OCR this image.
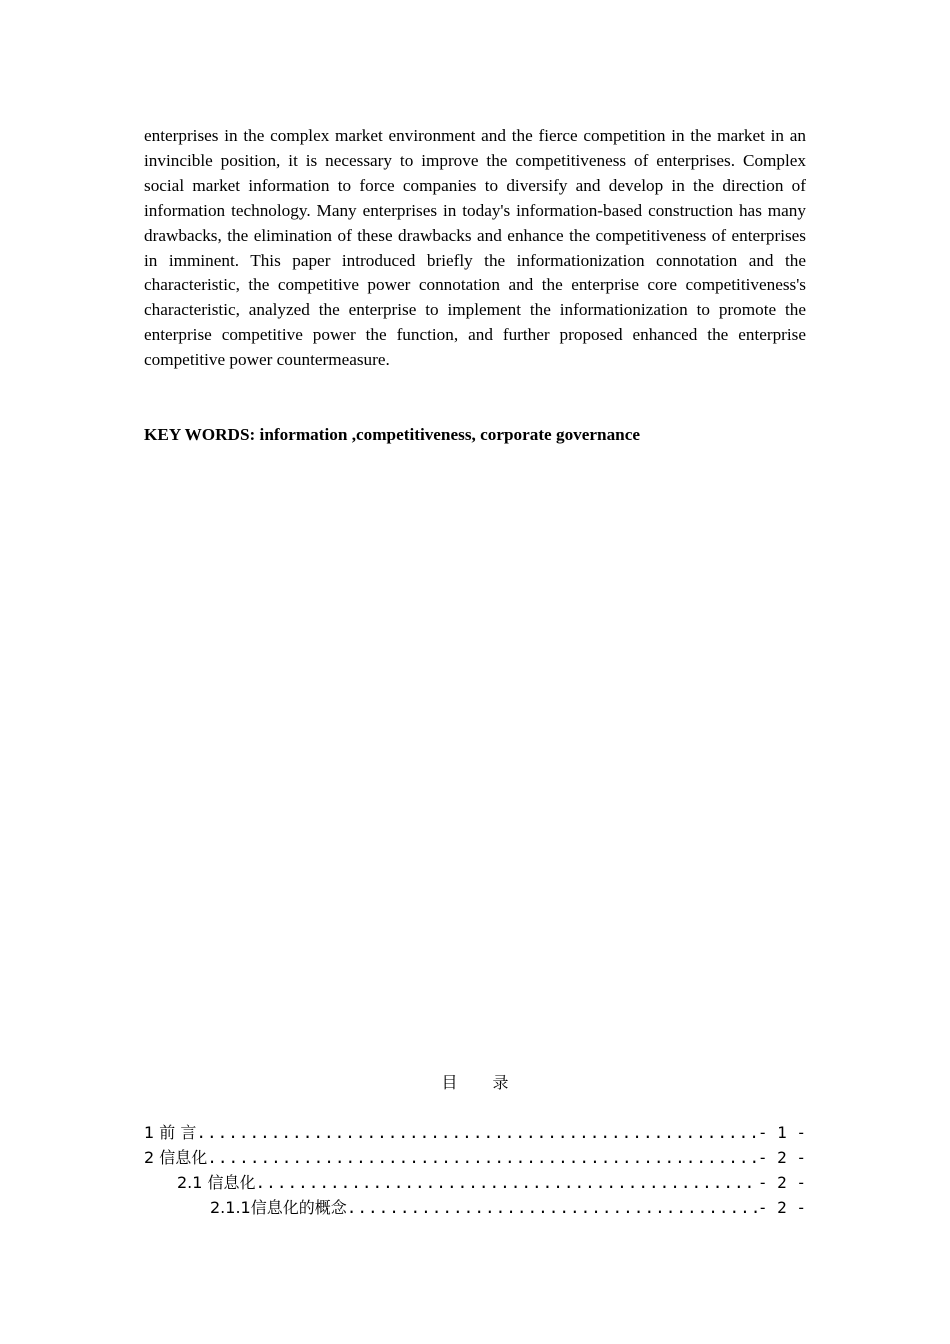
enterprises in the complex market environment and the fierce competition in the market in an invincible position, it is necessary to improve the competitiveness of enterprises. Complex social market information to force companies to diversify and develop in the direction of information technology. Many enterprises in today's information-based construction has many drawbacks, the elimination of these drawbacks and enhance the competitiveness of enterprises in imminent. This paper introduced briefly the informationization connotation and the characteristic, the competitive power connotation and the enterprise core competitiveness's characteristic, analyzed the enterprise to implement the informationization to promote the enterprise competitive power the function, and further proposed enhanced the enterprise competitive power countermeasure.

KEY WORDS: information ,competitiveness, corporate governance

目 录

1 前 言 .....	- 1 -
2 信息化 .....	- 2 -
2.1 信息化 .....	- 2 -
2.1.1信息化的概念 .....	- 2 -
